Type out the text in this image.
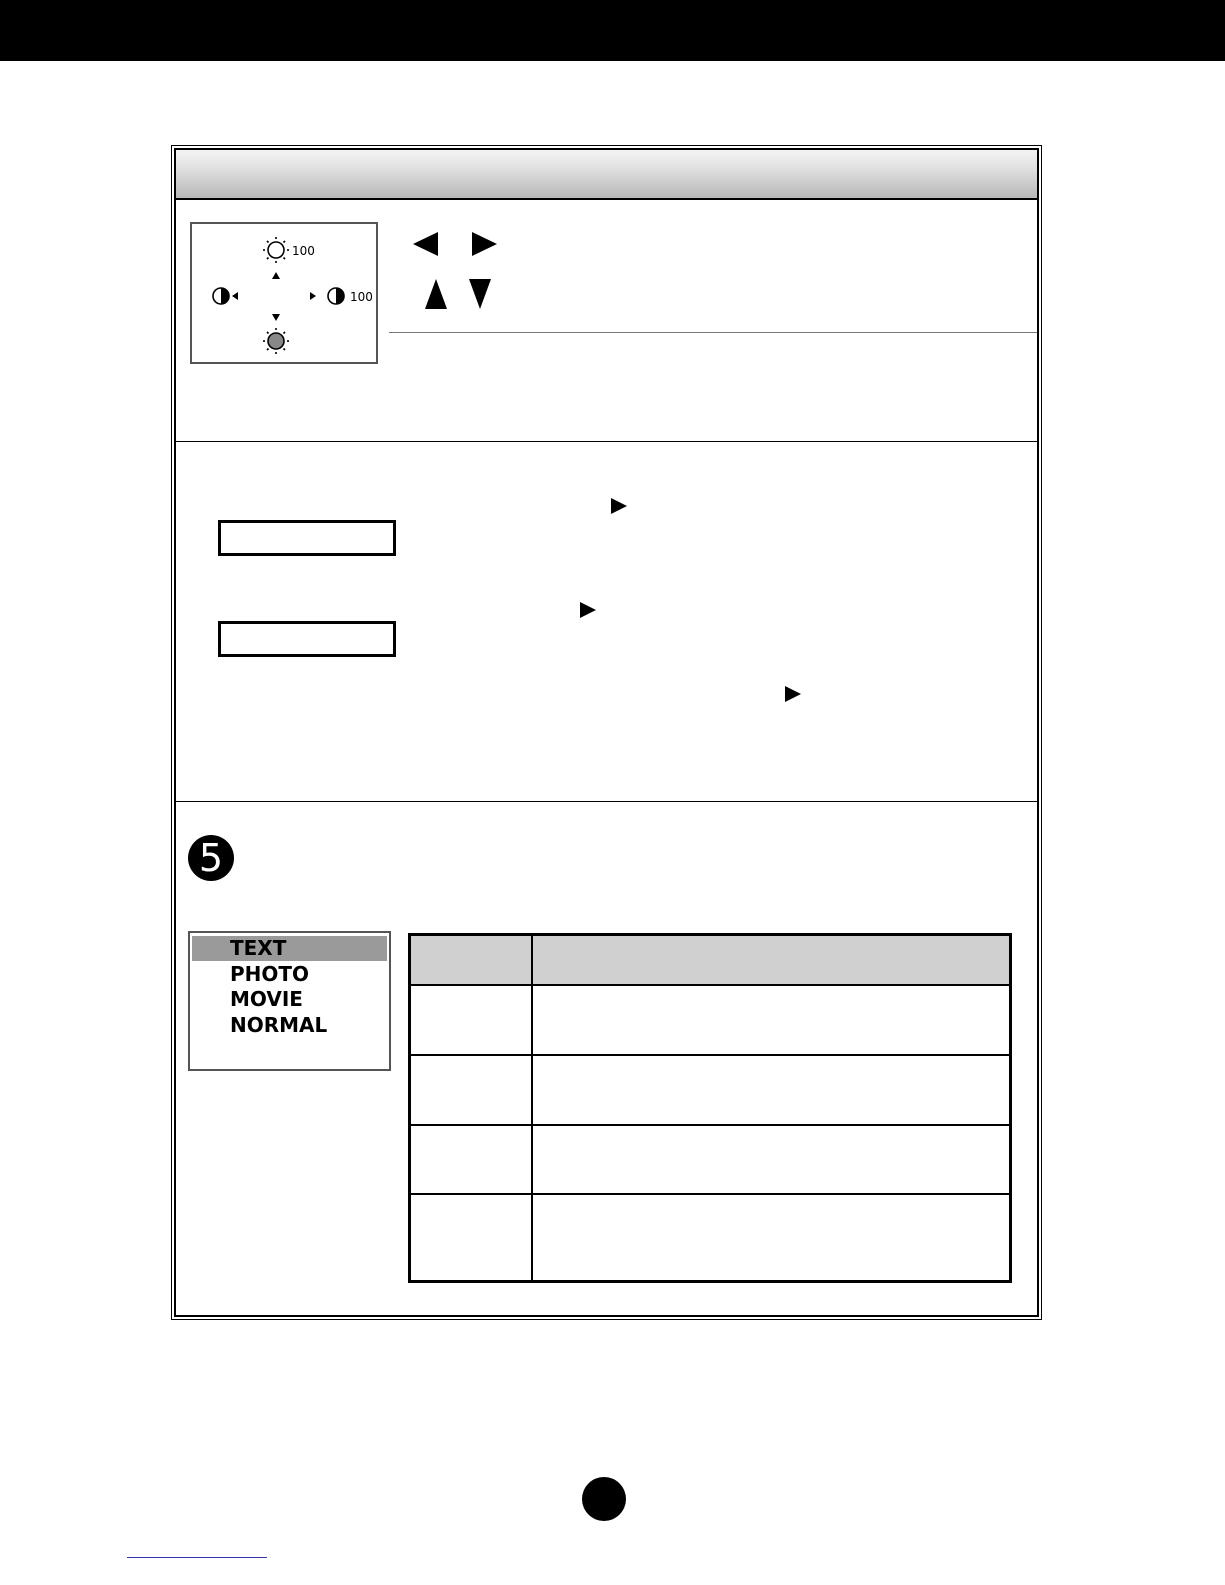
100
100
5
TEXT
PHOTO
MOVIE
NORMAL
